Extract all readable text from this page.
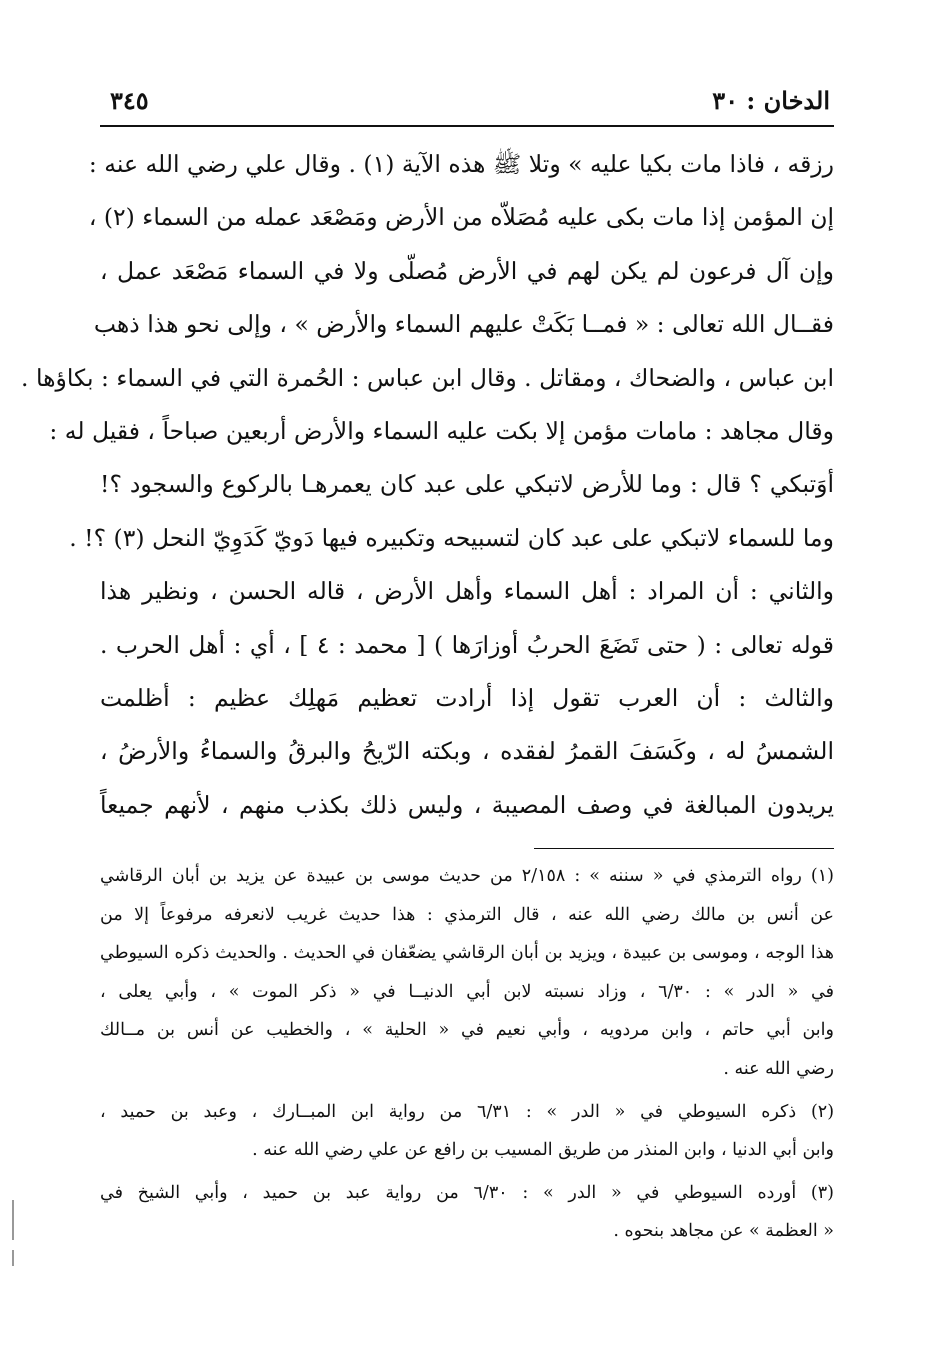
الدخان : ٣٠
٣٤٥
رزقه ، فاذا مات بكيا عليه » وتلا ﷺ هذه الآية (١) . وقال علي رضي الله عنه :
إن المؤمن إذا مات بكى عليه مُصَلاّه من الأرض ومَصْعَد عمله من السماء (٢) ،
وإن آل فرعون لم يكن لهم في الأرض مُصلّى ولا في السماء مَصْعَد عمل ،
فقــال الله تعالى : « فمــا بَكَتْ عليهم السماء والأرض » ، وإلى نحو هذا ذهب
ابن عباس ، والضحاك ، ومقاتل . وقال ابن عباس : الحُمرة التي في السماء : بكاؤها .
وقال مجاهد : مامات مؤمن إلا بكت عليه السماء والأرض أربعين صباحاً ، فقيل له :
أوَتبكي ؟ قال : وما للأرض لاتبكي على عبد كان يعمرهـا بالركوع والسجود ؟!
وما للسماء لاتبكي على عبد كان لتسبيحه وتكبيره فيها دَويّ كَدَوِيّ النحل (٣) ؟! .
والثاني : أن المراد : أهل السماء وأهل الأرض ، قاله الحسن ، ونظير هذا
قوله تعالى : ( حتى تَضَعَ الحربُ أوزارَها ) [ محمد : ٤ ] ، أي : أهل الحرب .
والثالث : أن العرب تقول إذا أرادت تعظيم مَهلِك عظيم : أظلمت
الشمسُ له ، وكَسَفَ القمرُ لفقده ، وبكته الرّيحُ والبرقُ والسماءُ والأرضُ ،
يريدون المبالغة في وصف المصيبة ، وليس ذلك بكذب منهم ، لأنهم جميعاً
(١) رواه الترمذي في « سننه » : ٢/١٥٨ من حديث موسى بن عبيدة عن يزيد بن أبان الرقاشي
عن أنس بن مالك رضي الله عنه ، قال الترمذي : هذا حديث غريب لانعرفه مرفوعاً إلا من
هذا الوجه ، وموسى بن عبيدة ، ويزيد بن أبان الرقاشي يضعّفان في الحديث . والحديث ذكره السيوطي
في « الدر » : ٦/٣٠ ، وزاد نسبته لابن أبي الدنيــا في « ذكر الموت » ، وأبي يعلى ،
وابن أبي حاتم ، وابن مردويه ، وأبي نعيم في « الحلية » ، والخطيب عن أنس بن مــالك
رضي الله عنه .
(٢) ذكره السيوطي في « الدر » : ٦/٣١ من رواية ابن المبــارك ، وعبد بن حميد ،
وابن أبي الدنيا ، وابن المنذر من طريق المسيب بن رافع عن علي رضي الله عنه .
(٣) أورده السيوطي في « الدر » : ٦/٣٠ من رواية عبد بن حميد ، وأبي الشيخ في
« العظمة » عن مجاهد بنحوه .
